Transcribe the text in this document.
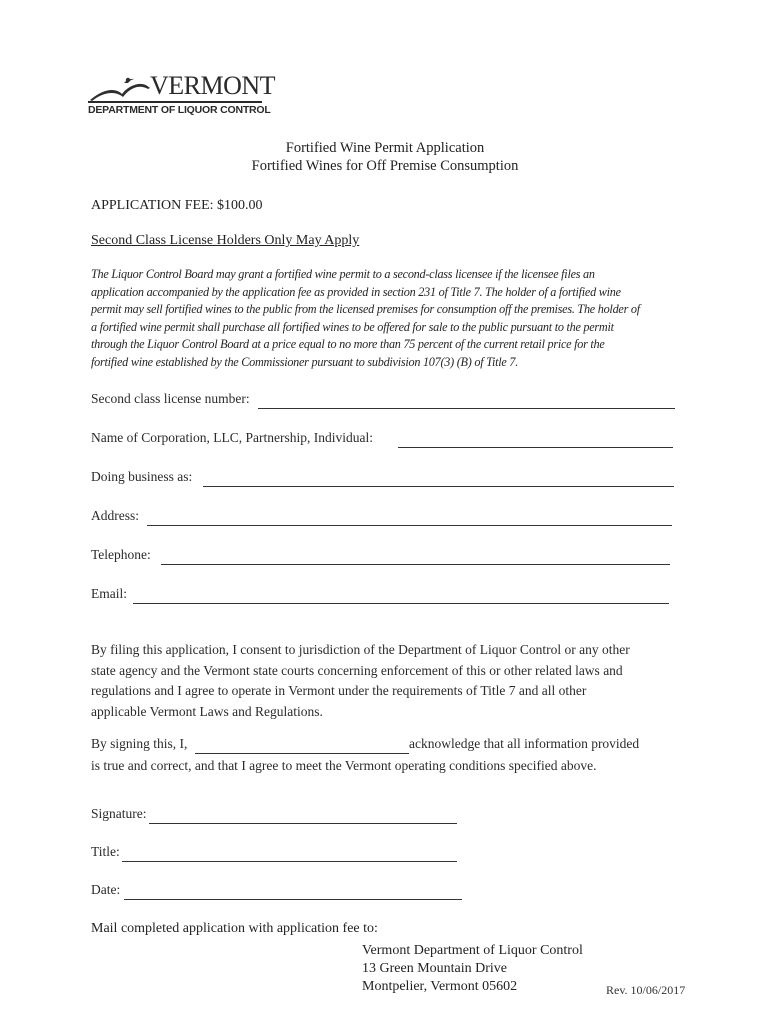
VERMONT
DEPARTMENT OF LIQUOR CONTROL
Fortified Wine Permit Application
Fortified Wines for Off Premise Consumption
APPLICATION FEE: $100.00
Second Class License Holders Only May Apply
The Liquor Control Board may grant a fortified wine permit to a second-class licensee if the licensee files an
application accompanied by the application fee as provided in section 231 of Title 7. The holder of a fortified wine
permit may sell fortified wines to the public from the licensed premises for consumption off the premises. The holder of
a fortified wine permit shall purchase all fortified wines to be offered for sale to the public pursuant to the permit
through the Liquor Control Board at a price equal to no more than 75 percent of the current retail price for the
fortified wine established by the Commissioner pursuant to subdivision 107(3) (B) of Title 7.
Second class license number:
Name of Corporation, LLC, Partnership, Individual:
Doing business as:
Address:
Telephone:
Email:
By filing this application, I consent to jurisdiction of the Department of Liquor Control or any other
state agency and the Vermont state courts concerning enforcement of this or other related laws and
regulations and I agree to operate in Vermont under the requirements of Title 7 and all other
applicable Vermont Laws and Regulations.
By signing this, I,	acknowledge that all information provided
is true and correct, and that I agree to meet the Vermont operating conditions specified above.
Signature:
Title:
Date:
Mail completed application with application fee to:
Vermont Department of Liquor Control
13 Green Mountain Drive
Montpelier, Vermont 05602	Rev. 10/06/2017
